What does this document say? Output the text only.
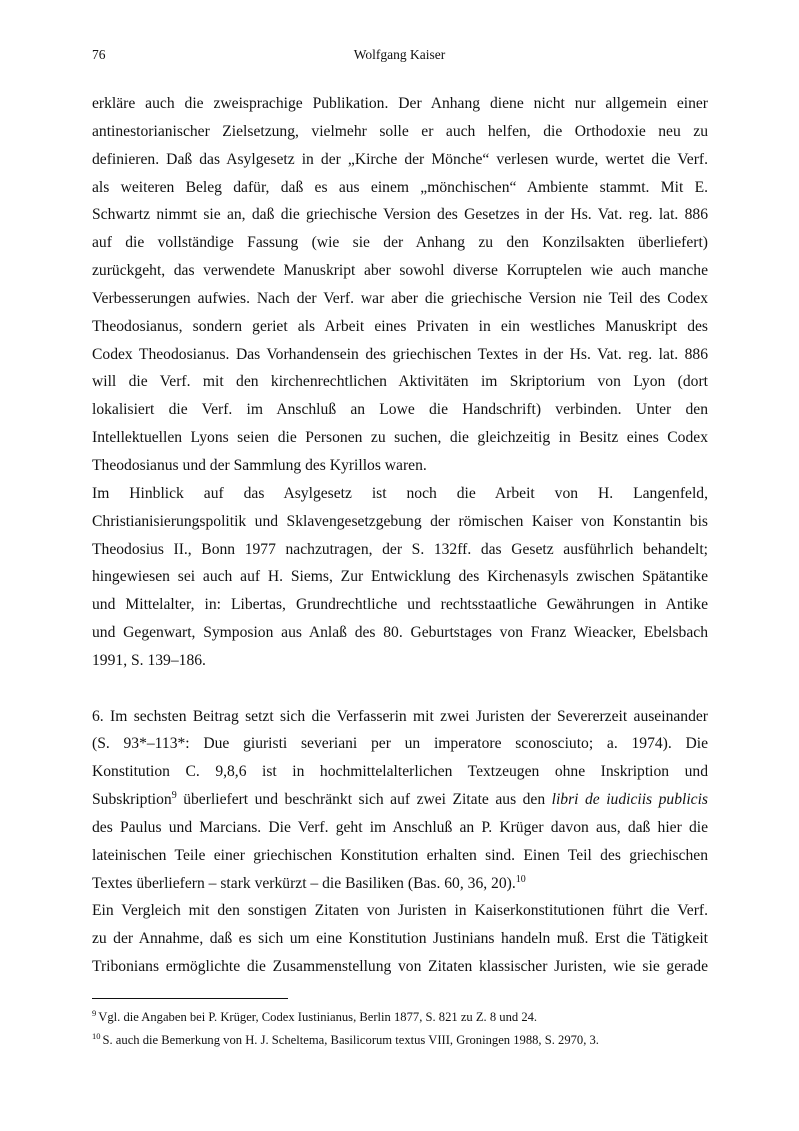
76	Wolfgang Kaiser
erkläre auch die zweisprachige Publikation. Der Anhang diene nicht nur allgemein einer
antinestorianischer Zielsetzung, vielmehr solle er auch helfen, die Orthodoxie neu zu
definieren. Daß das Asylgesetz in der „Kirche der Mönche“ verlesen wurde, wertet die Verf.
als weiteren Beleg dafür, daß es aus einem „mönchischen“ Ambiente stammt. Mit E.
Schwartz nimmt sie an, daß die griechische Version des Gesetzes in der Hs. Vat. reg. lat. 886
auf die vollständige Fassung (wie sie der Anhang zu den Konzilsakten überliefert)
zurückgeht, das verwendete Manuskript aber sowohl diverse Korruptelen wie auch manche
Verbesserungen aufwies. Nach der Verf. war aber die griechische Version nie Teil des Codex
Theodosianus, sondern geriet als Arbeit eines Privaten in ein westliches Manuskript des
Codex Theodosianus. Das Vorhandensein des griechischen Textes in der Hs. Vat. reg. lat. 886
will die Verf. mit den kirchenrechtlichen Aktivitäten im Skriptorium von Lyon (dort
lokalisiert die Verf. im Anschluß an Lowe die Handschrift) verbinden. Unter den
Intellektuellen Lyons seien die Personen zu suchen, die gleichzeitig in Besitz eines Codex
Theodosianus und der Sammlung des Kyrillos waren.
Im Hinblick auf das Asylgesetz ist noch die Arbeit von H. Langenfeld,
Christianisierungspolitik und Sklavengesetzgebung der römischen Kaiser von Konstantin bis
Theodosius II., Bonn 1977 nachzutragen, der S. 132ff. das Gesetz ausführlich behandelt;
hingewiesen sei auch auf H. Siems, Zur Entwicklung des Kirchenasyls zwischen Spätantike
und Mittelalter, in: Libertas, Grundrechtliche und rechtsstaatliche Gewährungen in Antike
und Gegenwart, Symposion aus Anlaß des 80. Geburtstages von Franz Wieacker, Ebelsbach
1991, S. 139–186.
6. Im sechsten Beitrag setzt sich die Verfasserin mit zwei Juristen der Severerzeit auseinander
(S. 93*–113*: Due giuristi severiani per un imperatore sconosciuto; a. 1974). Die
Konstitution C. 9,8,6 ist in hochmittelalterlichen Textzeugen ohne Inskription und
Subskription$^9$ überliefert und beschränkt sich auf zwei Zitate aus den libri de iudiciis publicis
des Paulus und Marcians. Die Verf. geht im Anschluß an P. Krüger davon aus, daß hier die
lateinischen Teile einer griechischen Konstitution erhalten sind. Einen Teil des griechischen
Textes überliefern – stark verkürzt – die Basiliken (Bas. 60, 36, 20).$^{10}$
Ein Vergleich mit den sonstigen Zitaten von Juristen in Kaiserkonstitutionen führt die Verf.
zu der Annahme, daß es sich um eine Konstitution Justinians handeln muß. Erst die Tätigkeit
Tribonians ermöglichte die Zusammenstellung von Zitaten klassischer Juristen, wie sie gerade
$^9$ Vgl. die Angaben bei P. Krüger, Codex Iustinianus, Berlin 1877, S. 821 zu Z. 8 und 24.
$^{10}$ S. auch die Bemerkung von H. J. Scheltema, Basilicorum textus VIII, Groningen 1988, S. 2970, 3.
